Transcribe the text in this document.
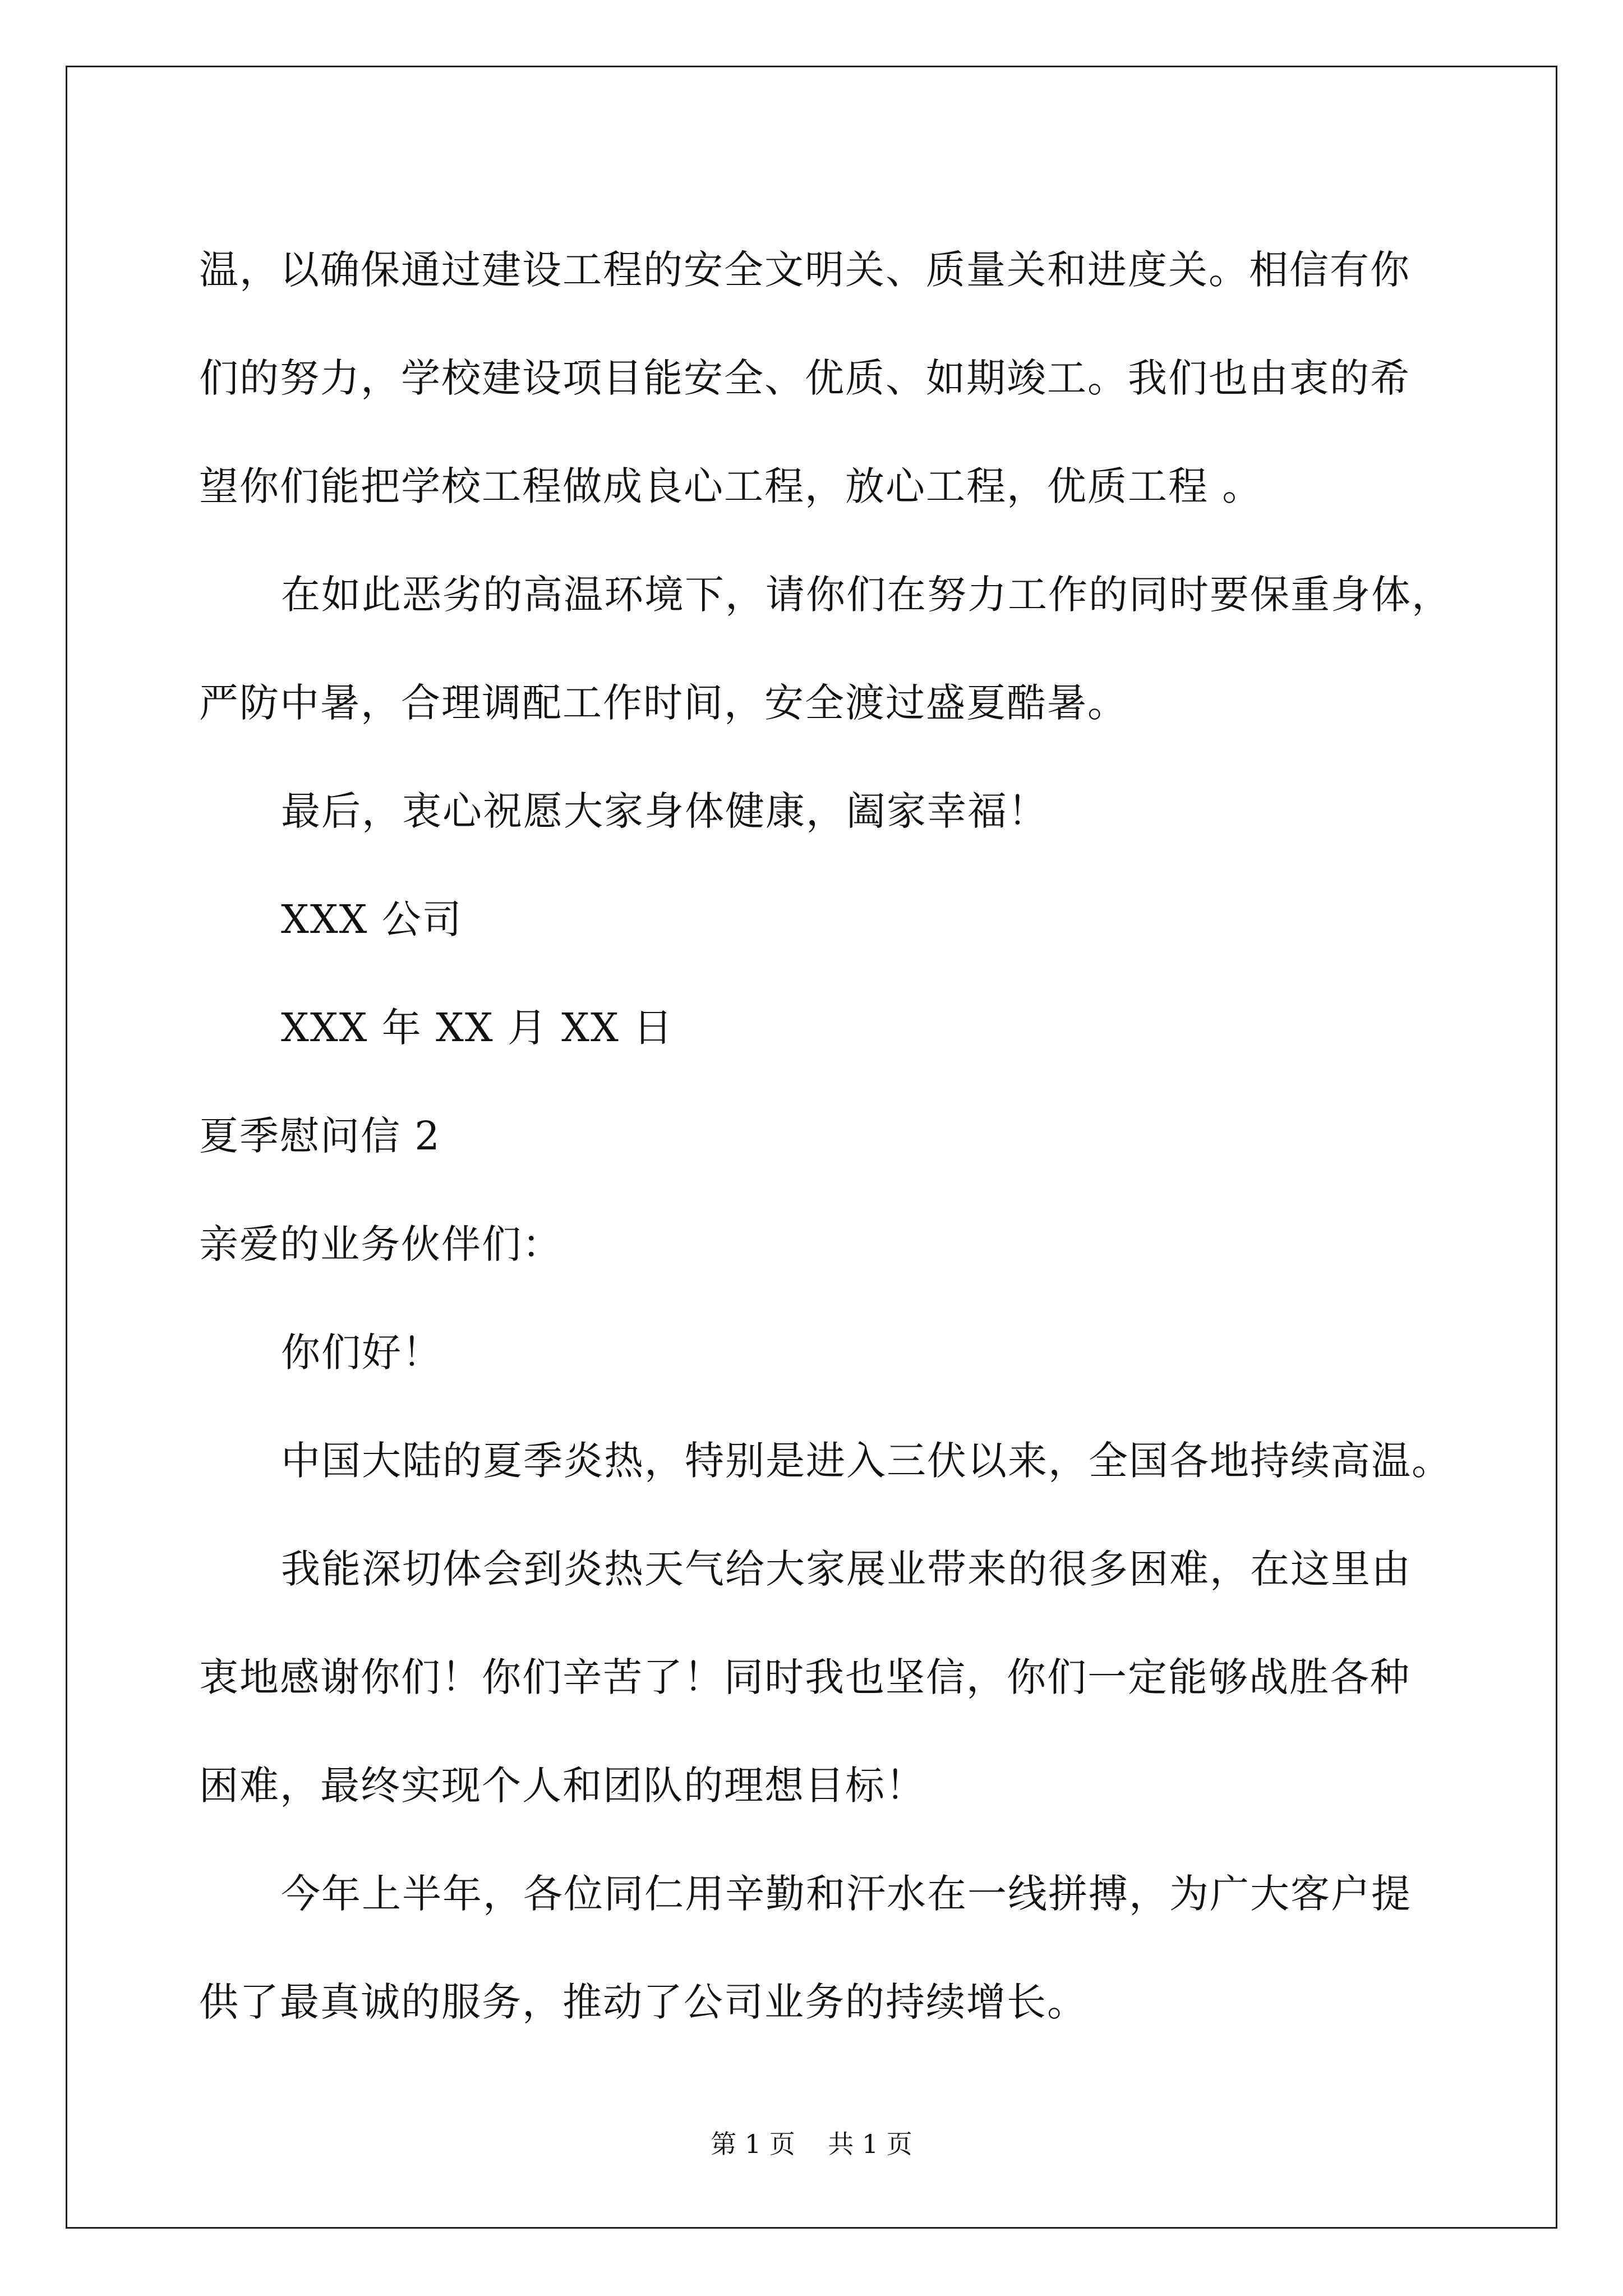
温，以确保通过建设工程的安全文明关、质量关和进度关。相信有你
们的努力，学校建设项目能安全、优质、如期竣工。我们也由衷的希
望你们能把学校工程做成良心工程，放心工程，优质工程 。
在如此恶劣的高温环境下，请你们在努力工作的同时要保重身体，
严防中暑，合理调配工作时间，安全渡过盛夏酷暑。
最后，衷心祝愿大家身体健康，阖家幸福！
XXX 公司
XXX 年 XX 月 XX 日
夏季慰问信 2
亲爱的业务伙伴们：
你们好！
中国大陆的夏季炎热，特别是进入三伏以来，全国各地持续高温。
我能深切体会到炎热天气给大家展业带来的很多困难，在这里由
衷地感谢你们！你们辛苦了！同时我也坚信，你们一定能够战胜各种
困难，最终实现个人和团队的理想目标！
今年上半年，各位同仁用辛勤和汗水在一线拼搏，为广大客户提
供了最真诚的服务，推动了公司业务的持续增长。
第 1 页    共 1 页
